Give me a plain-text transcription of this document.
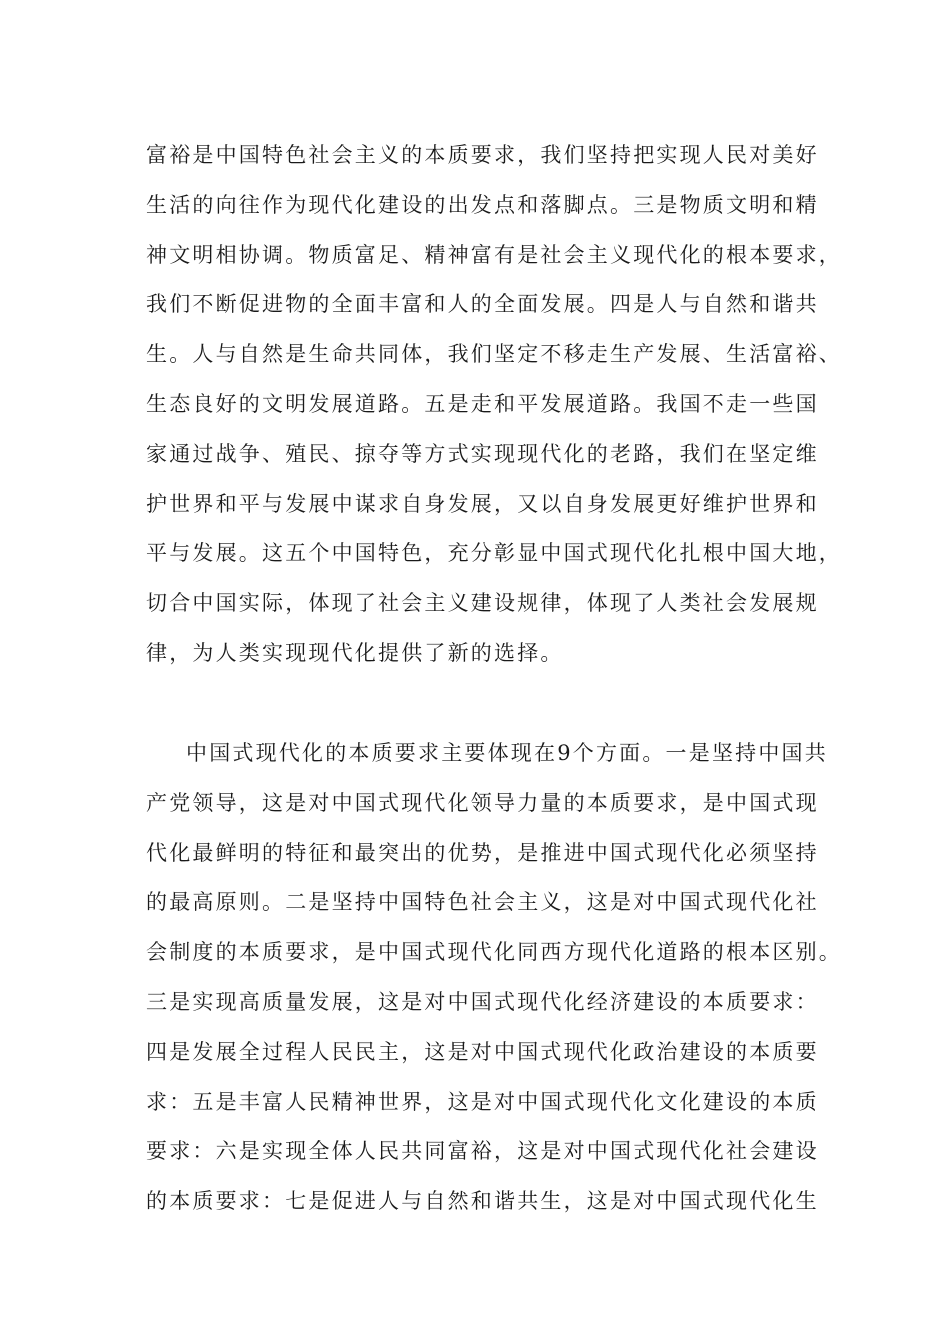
富裕是中国特色社会主义的本质要求，我们坚持把实现人民对美好
生活的向往作为现代化建设的出发点和落脚点。三是物质文明和精
神文明相协调。物质富足、精神富有是社会主义现代化的根本要求，
我们不断促进物的全面丰富和人的全面发展。四是人与自然和谐共
生。人与自然是生命共同体，我们坚定不移走生产发展、生活富裕、
生态良好的文明发展道路。五是走和平发展道路。我国不走一些国
家通过战争、殖民、掠夺等方式实现现代化的老路，我们在坚定维
护世界和平与发展中谋求自身发展，又以自身发展更好维护世界和
平与发展。这五个中国特色，充分彰显中国式现代化扎根中国大地，
切合中国实际，体现了社会主义建设规律，体现了人类社会发展规
律，为人类实现现代化提供了新的选择。
中国式现代化的本质要求主要体现在9个方面。一是坚持中国共
产党领导，这是对中国式现代化领导力量的本质要求，是中国式现
代化最鲜明的特征和最突出的优势，是推进中国式现代化必须坚持
的最高原则。二是坚持中国特色社会主义，这是对中国式现代化社
会制度的本质要求，是中国式现代化同西方现代化道路的根本区别。
三是实现高质量发展，这是对中国式现代化经济建设的本质要求：
四是发展全过程人民民主，这是对中国式现代化政治建设的本质要
求：五是丰富人民精神世界，这是对中国式现代化文化建设的本质
要求：六是实现全体人民共同富裕，这是对中国式现代化社会建设
的本质要求：七是促进人与自然和谐共生，这是对中国式现代化生
